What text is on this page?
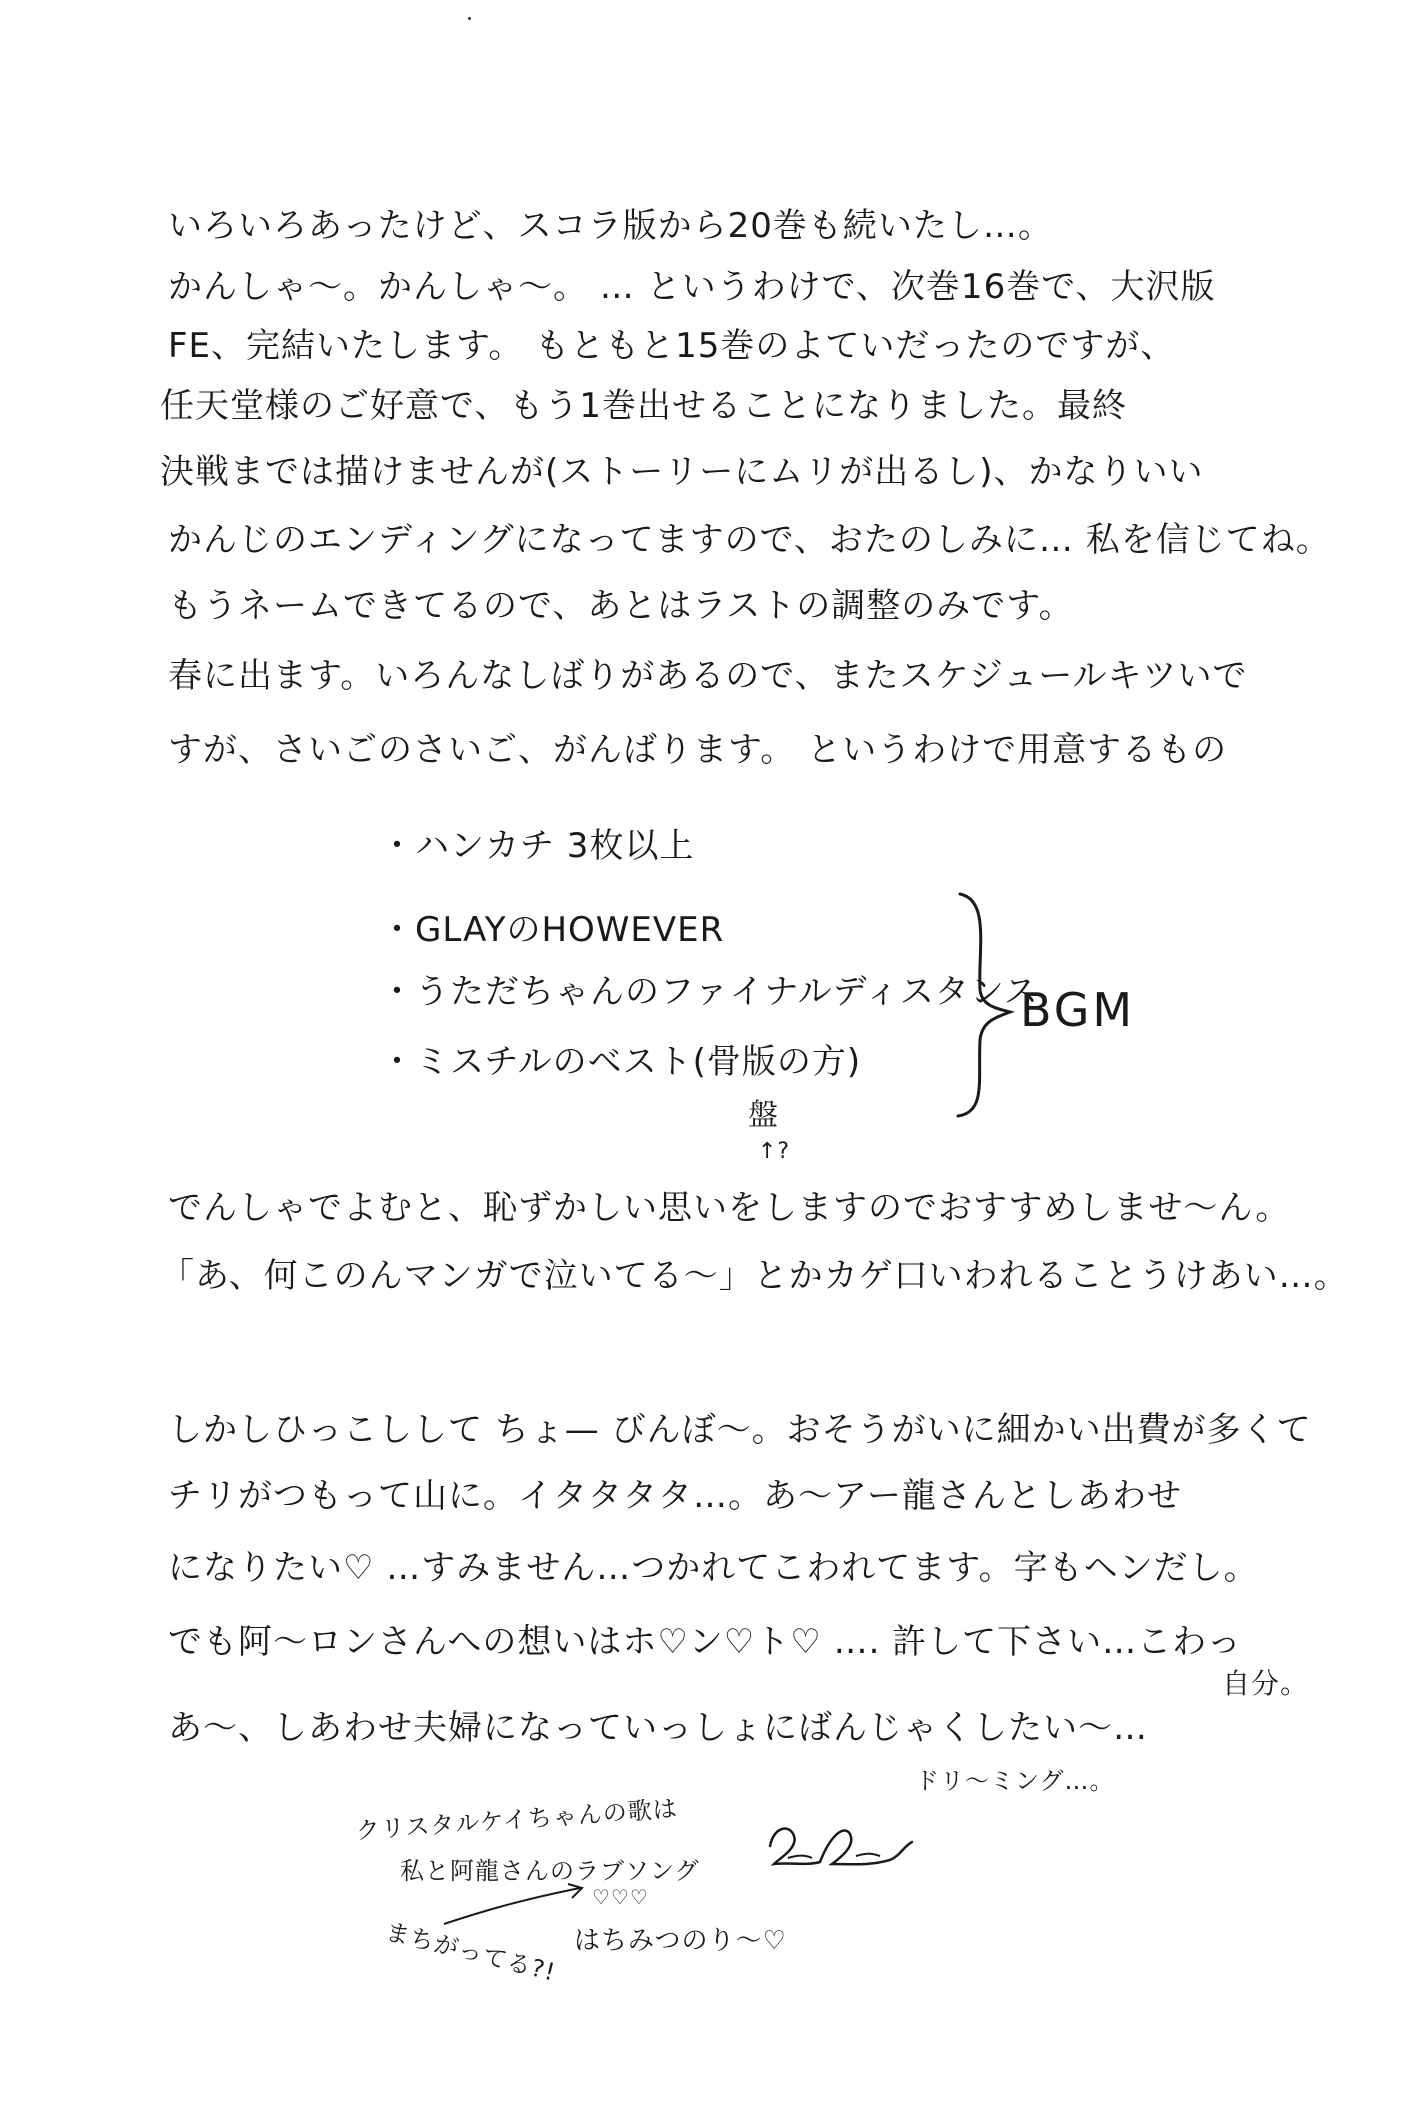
いろいろあったけど、スコラ版から20巻も続いたし…。
かんしゃ〜。かんしゃ〜。 … というわけで、次巻16巻で、大沢版
FE、完結いたします。 もともと15巻のよていだったのですが、
任天堂様のご好意で、もう1巻出せることになりました。最終
決戦までは描けませんが(ストーリーにムリが出るし)、かなりいい
かんじのエンディングになってますので、おたのしみに… 私を信じてね。
もうネームできてるので、あとはラストの調整のみです。
春に出ます。いろんなしばりがあるので、またスケジュールキツいで
すが、さいごのさいご、がんばります。 というわけで用意するもの
・ハンカチ 3枚以上
・GLAYのHOWEVER
・うただちゃんのファイナルディスタンス
・ミスチルのベスト(骨版の方)
BGM
盤
↑?
でんしゃでよむと、恥ずかしい思いをしますのでおすすめしませ〜ん。
「あ、何このんマンガで泣いてる〜」とかカゲ口いわれることうけあい…。
しかしひっこしして ちょ— びんぼ〜。おそうがいに細かい出費が多くて
チリがつもって山に。イタタタタ…。あ〜アー龍さんとしあわせ
になりたい♡ …すみません…つかれてこわれてます。字もヘンだし。
でも阿〜ロンさんへの想いはホ♡ン♡ト♡ …. 許して下さい…こわっ
自分。
あ〜、しあわせ夫婦になっていっしょにばんじゃくしたい〜…
クリスタルケイちゃんの歌は
私と阿龍さんのラブソング
ドリ〜ミング…。
まちがってる?!
♡♡♡
はちみつのり〜♡
